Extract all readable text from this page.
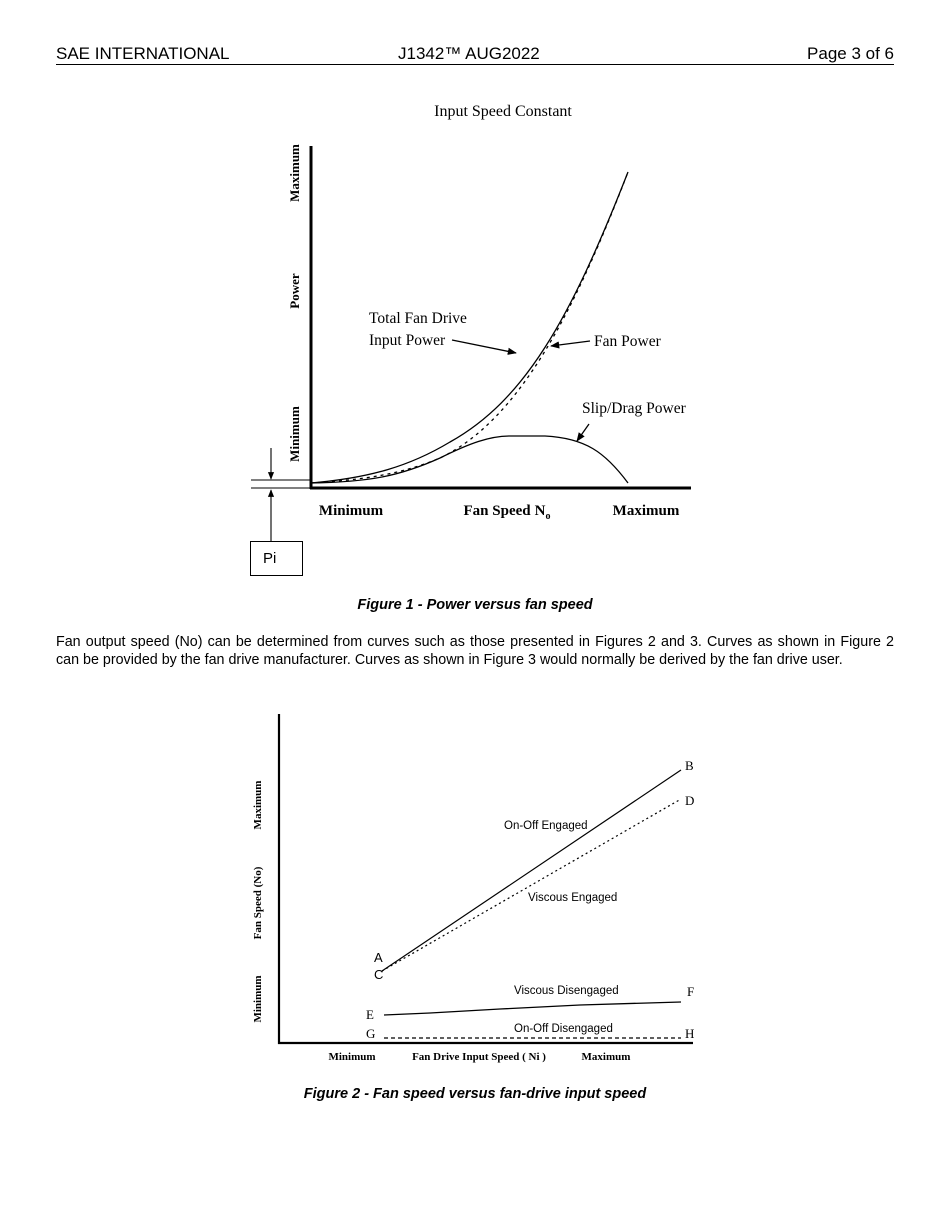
SAE INTERNATIONAL	J1342™ AUG2022	Page 3 of 6
Input Speed Constant
Maximum
Power
Minimum
Minimum	Fan Speed $N_o$	Maximum
Total Fan Drive
Input Power	Fan Power
Slip/Drag Power
Maximum
Fan Speed (No)
Minimum
Minimum	Fan Drive Input Speed ( Ni )	Maximum
On-Off Engaged
Viscous Engaged
Viscous Disengaged
On-Off Disengaged
A
C
B
D
E
F
G	H
Pi
Figure 1 - Power versus fan speed
Fan output speed (No) can be determined from curves such as those presented in Figures 2 and 3. Curves as shown in Figure 2 can be provided by the fan drive manufacturer. Curves as shown in Figure 3 would normally be derived by the fan drive user.
Figure 2 - Fan speed versus fan-drive input speed
